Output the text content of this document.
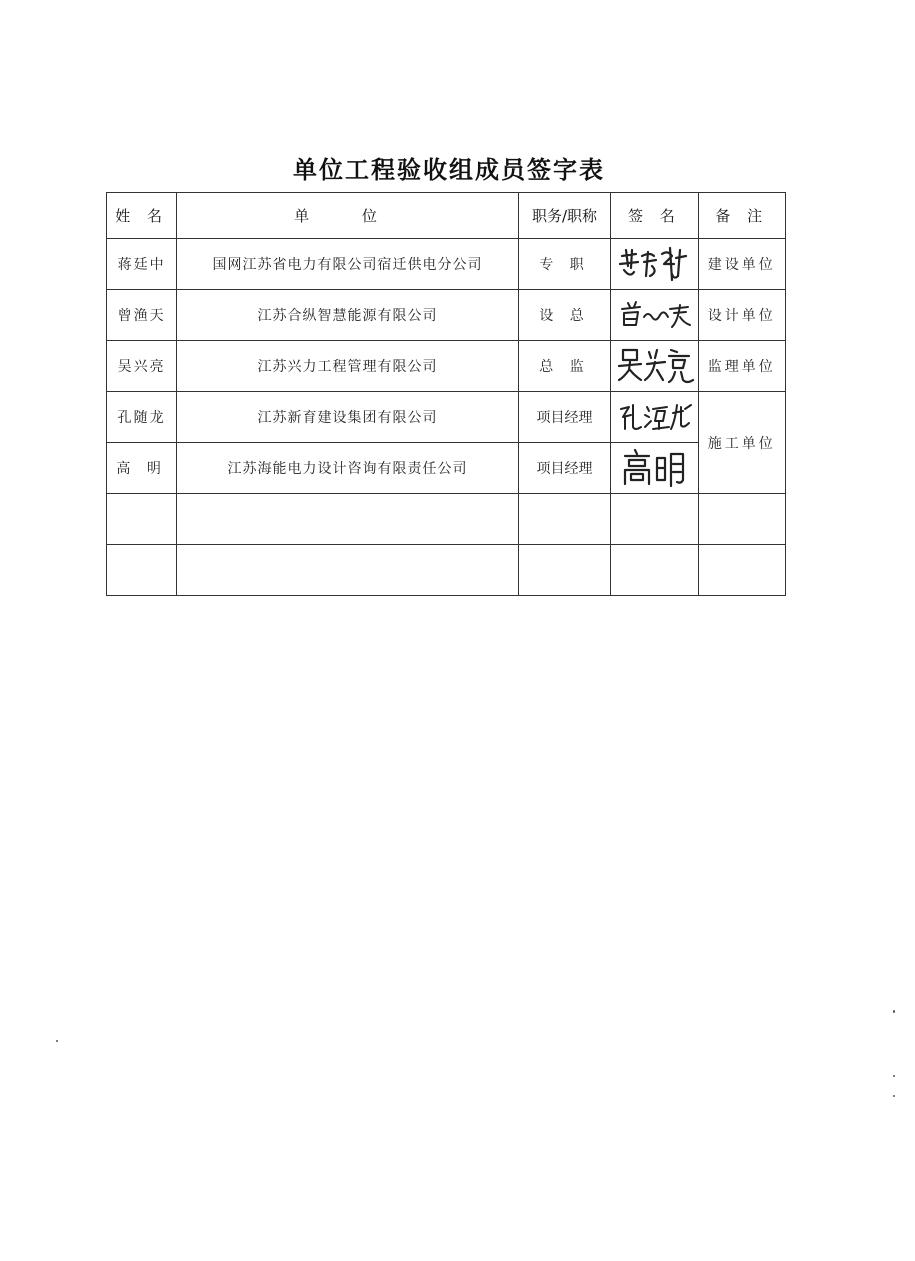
单位工程验收组成员签字表
姓 名	单 位	职务/职称	签 名	备 注
蒋廷中	国网江苏省电力有限公司宿迁供电分公司	专 职		建设单位
曾渔天	江苏合纵智慧能源有限公司	设 总		设计单位
吴兴亮	江苏兴力工程管理有限公司	总 监		监理单位
孔随龙	江苏新育建设集团有限公司	项目经理		施工单位
高 明	江苏海能电力设计咨询有限责任公司	项目经理	
